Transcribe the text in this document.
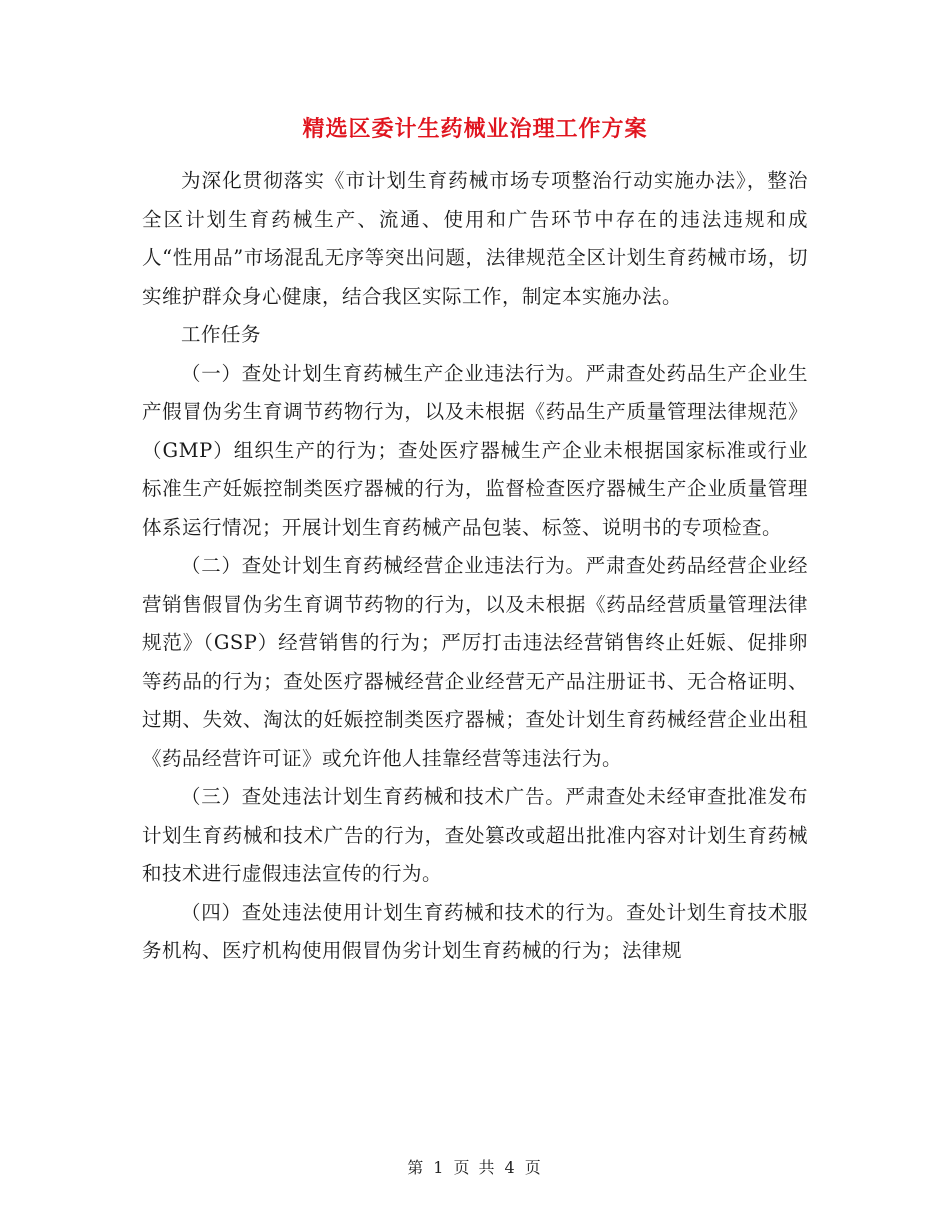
精选区委计生药械业治理工作方案

为深化贯彻落实《市计划生育药械市场专项整治行动实施办法》，整治全区计划生育药械生产、流通、使用和广告环节中存在的违法违规和成人“性用品”市场混乱无序等突出问题，法律规范全区计划生育药械市场，切实维护群众身心健康，结合我区实际工作，制定本实施办法。

工作任务

（一）查处计划生育药械生产企业违法行为。严肃查处药品生产企业生产假冒伪劣生育调节药物行为，以及未根据《药品生产质量管理法律规范》（GMP）组织生产的行为；查处医疗器械生产企业未根据国家标准或行业标准生产妊娠控制类医疗器械的行为，监督检查医疗器械生产企业质量管理体系运行情况；开展计划生育药械产品包装、标签、说明书的专项检查。

（二）查处计划生育药械经营企业违法行为。严肃查处药品经营企业经营销售假冒伪劣生育调节药物的行为，以及未根据《药品经营质量管理法律规范》（GSP）经营销售的行为；严厉打击违法经营销售终止妊娠、促排卵等药品的行为；查处医疗器械经营企业经营无产品注册证书、无合格证明、过期、失效、淘汰的妊娠控制类医疗器械；查处计划生育药械经营企业出租《药品经营许可证》或允许他人挂靠经营等违法行为。

（三）查处违法计划生育药械和技术广告。严肃查处未经审查批准发布计划生育药械和技术广告的行为，查处篡改或超出批准内容对计划生育药械和技术进行虚假违法宣传的行为。

（四）查处违法使用计划生育药械和技术的行为。查处计划生育技术服务机构、医疗机构使用假冒伪劣计划生育药械的行为；法律规

第 1 页 共 4 页
